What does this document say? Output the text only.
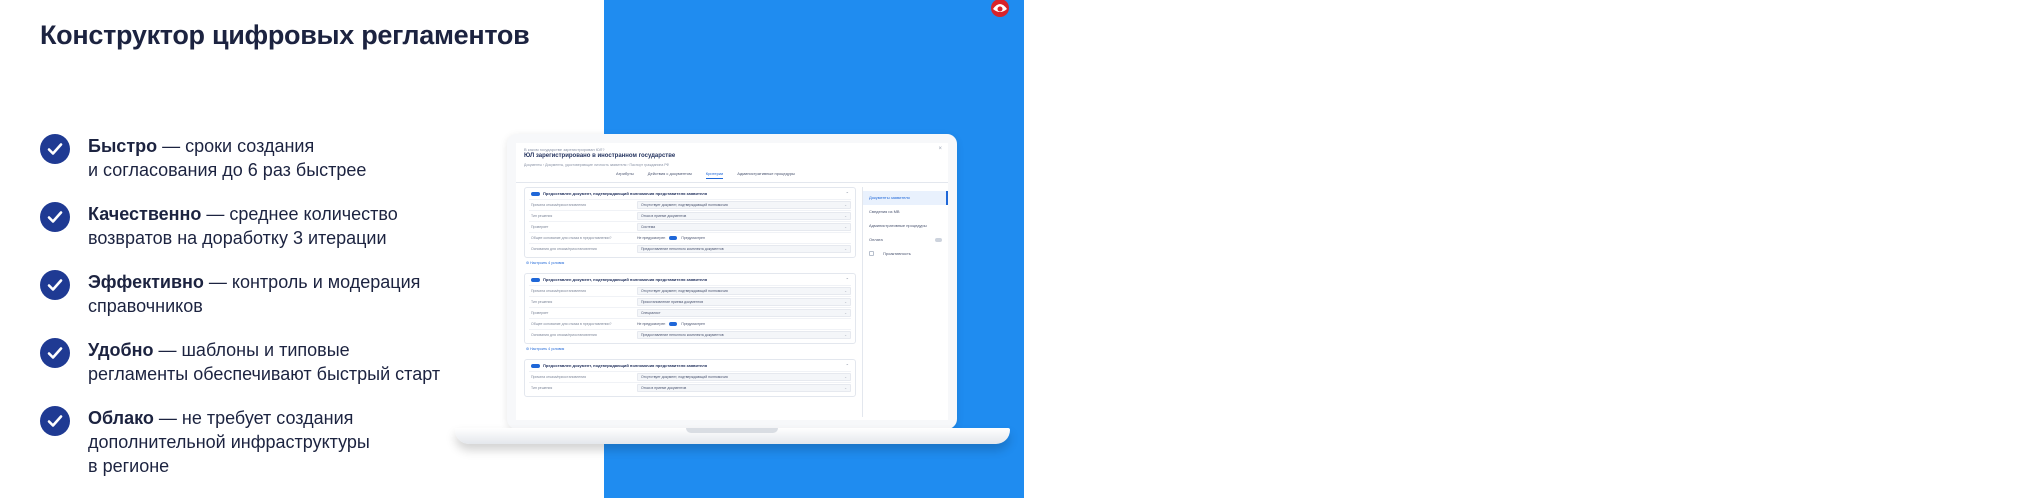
LIVE
Конструктор цифровых регламентов
Быстро — сроки создания
и согласования до 6 раз быстрее
Качественно — среднее количество
возвратов на доработку 3 итерации
Эффективно — контроль и модерация
справочников
Удобно — шаблоны и типовые
регламенты обеспечивают быстрый старт
Облако — не требует создания
дополнительной инфраструктуры
в регионе
В каком государстве зарегистрирован ЮЛ?
ЮЛ зарегистрировано в иностранном государстве
Документы › Документы, удостоверяющие личность заявителя › Паспорт гражданина РФ
×
Атрибуты	Действия с документом	Критерии	Административные процедуры
Предоставлен документ, подтверждающий полномочия представителя заявителя	⌃
Причина отказа/приостановления	Отсутствует документ, подтверждающий полномочия	⌄
Тип решения	Отказ в приеме документов	⌄
Проверяет	Система	⌄
Общее основание для отказа в предоставлении?	Не предусмотрен	Предусмотрен
Основания для отказа/приостановления	Предоставление неполного комплекта документов	⌄
⚙ Настроить 4 условия
Предоставлен документ, подтверждающий полномочия представителя заявителя	⌃
Причина отказа/приостановления	Отсутствует документ, подтверждающий полномочия	⌄
Тип решения	Приостановление приема документов	⌄
Проверяет	Специалист	⌄
Общее основание для отказа в предоставлении?	Не предусмотрен	Предусмотрен
Основания для отказа/приостановления	Предоставление неполного комплекта документов	⌄
⚙ Настроить 4 условия
Предоставлен документ, подтверждающий полномочия представителя заявителя	⌃
Причина отказа/приостановления	Отсутствует документ, подтверждающий полномочия	⌄
Тип решения	Отказ в приеме документов	⌄
Документы заявителя
Сведения из МВ
Административные процедуры
Оплата
Проактивность
